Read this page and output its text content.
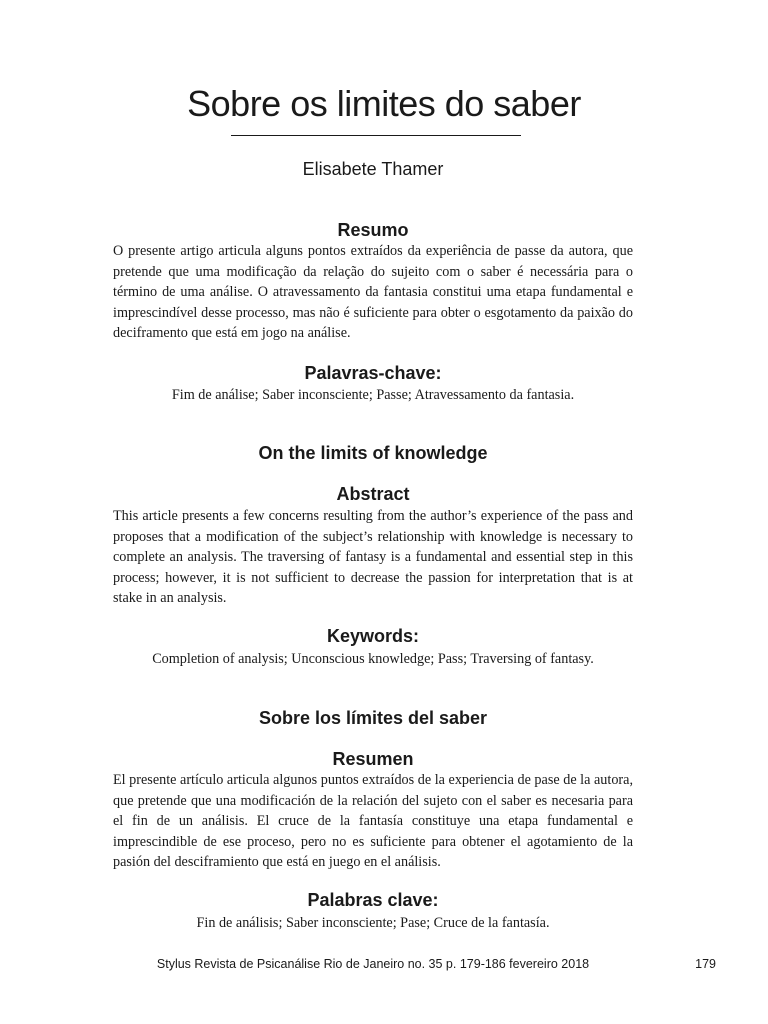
Sobre os limites do saber
Elisabete Thamer
Resumo

O presente artigo articula alguns pontos extraídos da experiência de passe da autora, que pretende que uma modificação da relação do sujeito com o saber é necessária para o término de uma análise. O atravessamento da fantasia constitui uma etapa fundamental e imprescindível desse processo, mas não é suficiente para obter o esgotamento da paixão do deciframento que está em jogo na análise.

Palavras-chave:

Fim de análise; Saber inconsciente; Passe; Atravessamento da fantasia.

On the limits of knowledge
Abstract

This article presents a few concerns resulting from the author’s experience of the pass and proposes that a modification of the subject’s relationship with knowledge is necessary to complete an analysis. The traversing of fantasy is a fundamental and essential step in this process; however, it is not sufficient to decrease the passion for interpretation that is at stake in an analysis.

Keywords:

Completion of analysis; Unconscious knowledge; Pass; Traversing of fantasy.

Sobre los límites del saber
Resumen

El presente artículo articula algunos puntos extraídos de la experiencia de pase de la autora, que pretende que una modificación de la relación del sujeto con el saber es necesaria para el fin de un análisis. El cruce de la fantasía constituye una etapa fundamental e imprescindible de ese proceso, pero no es suficiente para obtener el agotamiento de la pasión del desciframiento que está en juego en el análisis.

Palabras clave:

Fin de análisis; Saber inconsciente; Pase; Cruce de la fantasía.

Stylus Revista de Psicanálise Rio de Janeiro no. 35 p. 179-186 fevereiro 2018	179
